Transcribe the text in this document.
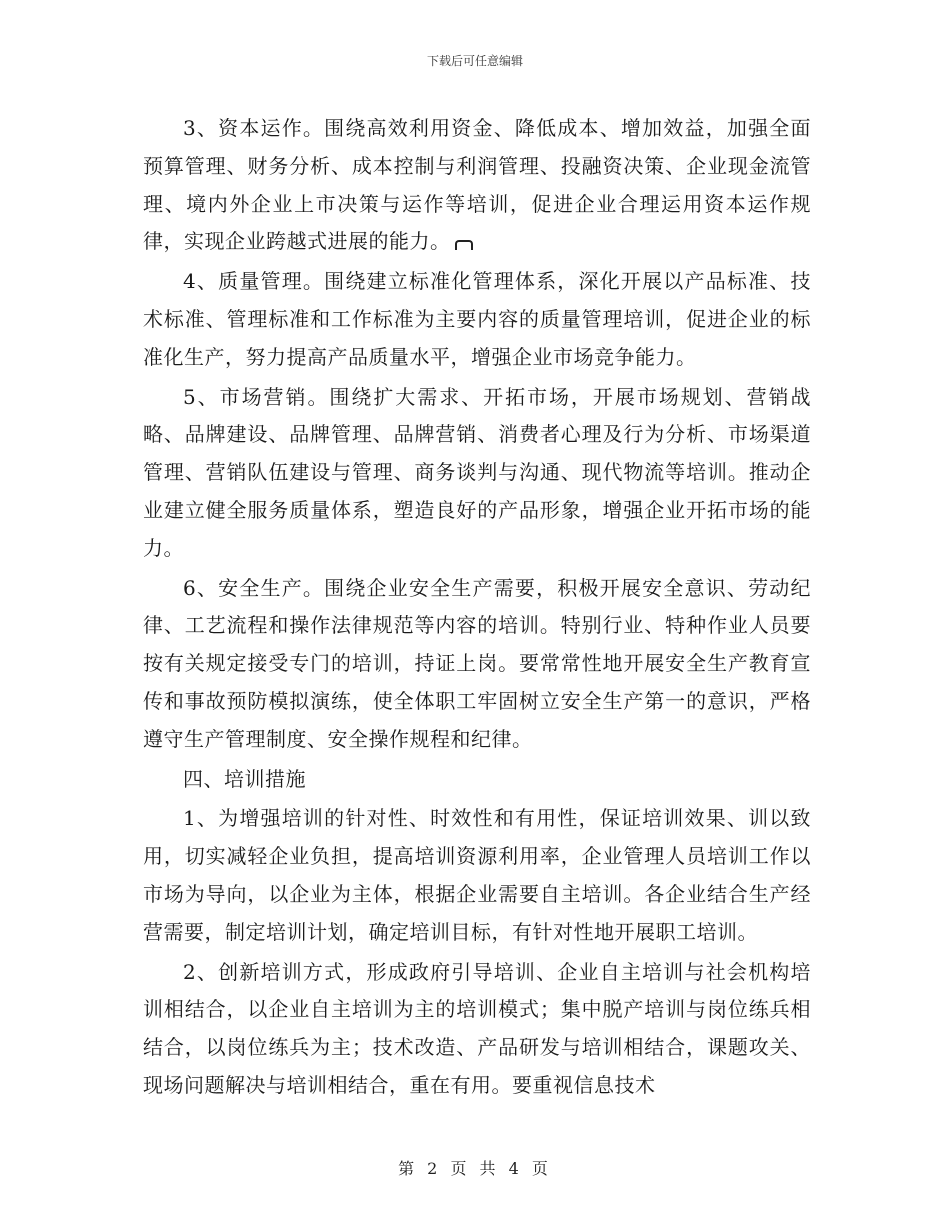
下载后可任意编辑

3、资本运作。围绕高效利用资金、降低成本、增加效益，加强全面预算管理、财务分析、成本控制与利润管理、投融资决策、企业现金流管理、境内外企业上市决策与运作等培训，促进企业合理运用资本运作规律，实现企业跨越式进展的能力。

4、质量管理。围绕建立标准化管理体系，深化开展以产品标准、技术标准、管理标准和工作标准为主要内容的质量管理培训，促进企业的标准化生产，努力提高产品质量水平，增强企业市场竞争能力。

5、市场营销。围绕扩大需求、开拓市场，开展市场规划、营销战略、品牌建设、品牌管理、品牌营销、消费者心理及行为分析、市场渠道管理、营销队伍建设与管理、商务谈判与沟通、现代物流等培训。推动企业建立健全服务质量体系，塑造良好的产品形象，增强企业开拓市场的能力。

6、安全生产。围绕企业安全生产需要，积极开展安全意识、劳动纪律、工艺流程和操作法律规范等内容的培训。特别行业、特种作业人员要按有关规定接受专门的培训，持证上岗。要常常性地开展安全生产教育宣传和事故预防模拟演练，使全体职工牢固树立安全生产第一的意识，严格遵守生产管理制度、安全操作规程和纪律。

四、培训措施

1、为增强培训的针对性、时效性和有用性，保证培训效果、训以致用，切实减轻企业负担，提高培训资源利用率，企业管理人员培训工作以市场为导向，以企业为主体，根据企业需要自主培训。各企业结合生产经营需要，制定培训计划，确定培训目标，有针对性地开展职工培训。

2、创新培训方式，形成政府引导培训、企业自主培训与社会机构培训相结合，以企业自主培训为主的培训模式；集中脱产培训与岗位练兵相结合，以岗位练兵为主；技术改造、产品研发与培训相结合，课题攻关、现场问题解决与培训相结合，重在有用。要重视信息技术

第 2 页 共 4 页
